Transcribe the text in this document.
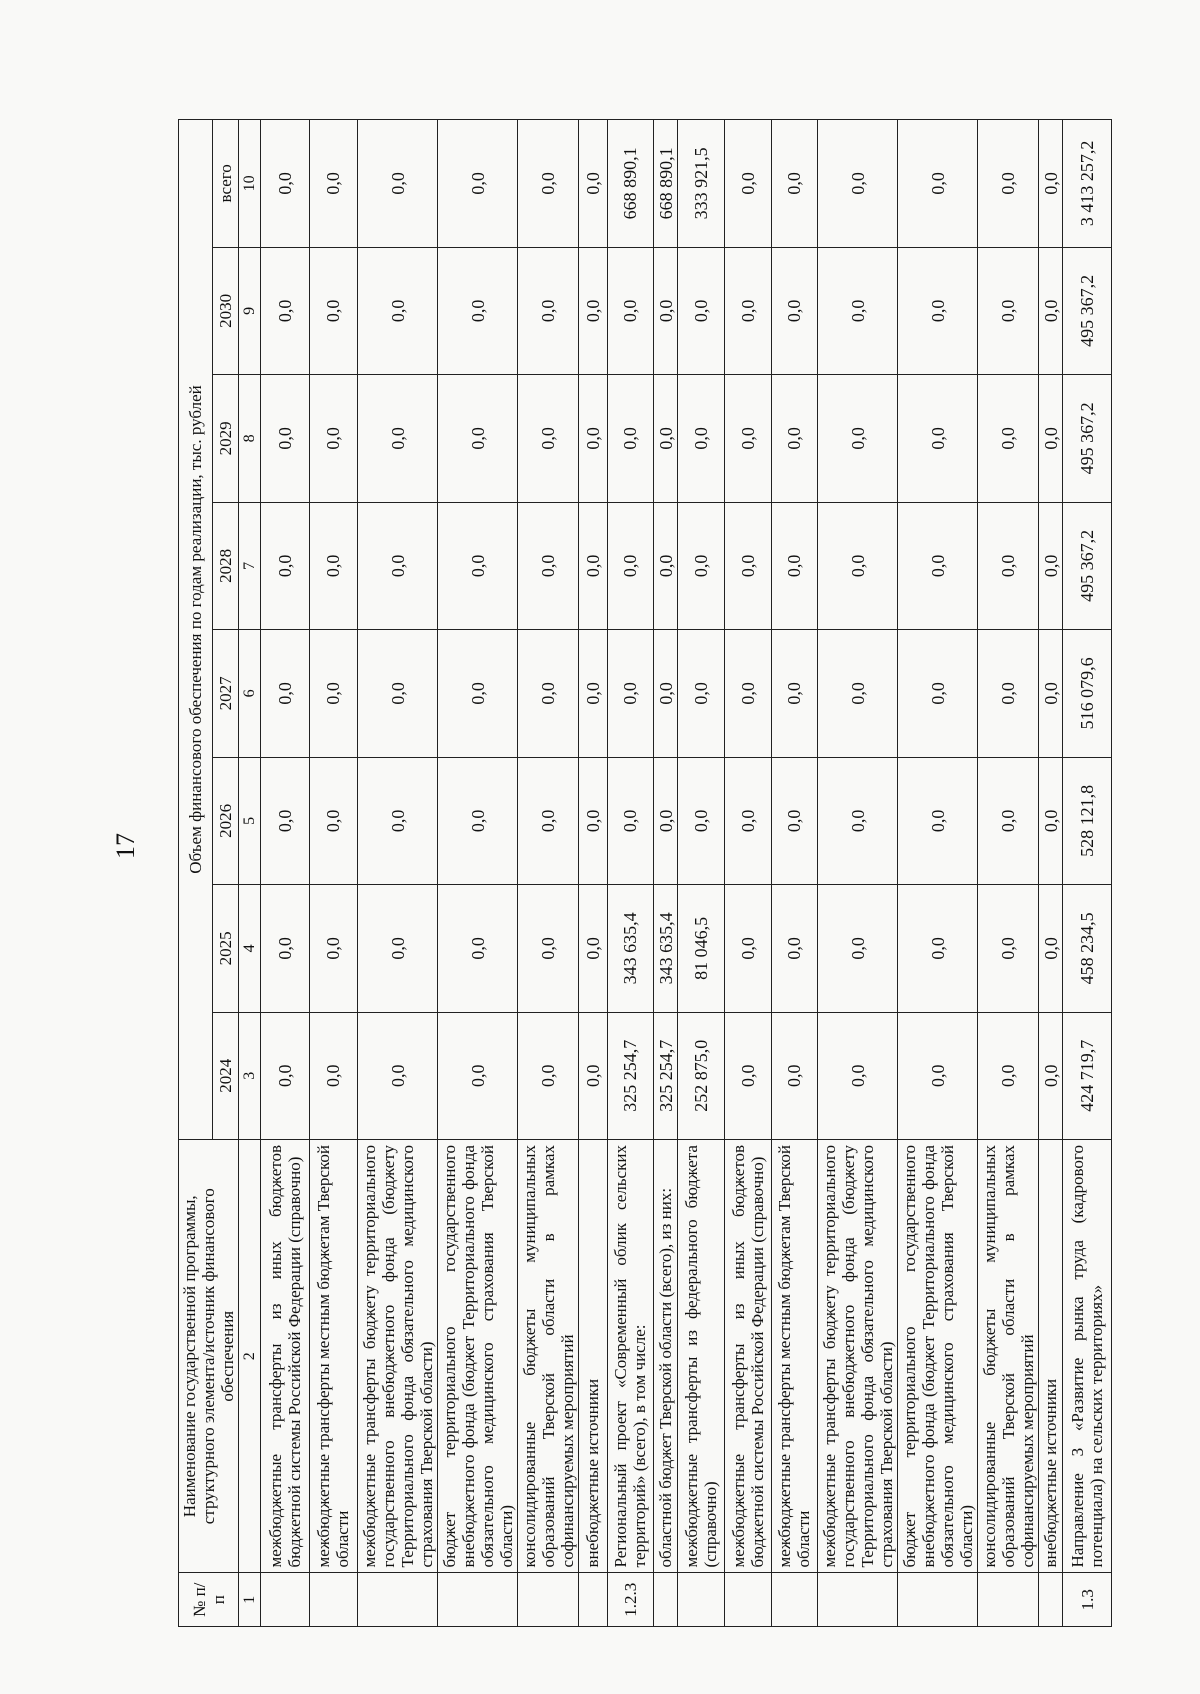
17
№ п/п	Наименование государственной программы, структурного элемента/источник финансового обеспечения	Объем финансового обеспечения по годам реализации, тыс. рублей							
		2024	2025	2026	2027	2028	2029	2030	всего
1	2	3	4	5	6	7	8	9	10
	межбюджетные трансферты из иных бюджетов бюджетной системы Российской Федерации (справочно)	0,0	0,0	0,0	0,0	0,0	0,0	0,0	0,0
	межбюджетные трансферты местным бюджетам Тверской области	0,0	0,0	0,0	0,0	0,0	0,0	0,0	0,0
	межбюджетные трансферты бюджету территориального государственного внебюджетного фонда (бюджету Территориального фонда обязательного медицинского страхования Тверской области)	0,0	0,0	0,0	0,0	0,0	0,0	0,0	0,0
	бюджет территориального государственного внебюджетного фонда (бюджет Территориального фонда обязательного медицинского страхования Тверской области)	0,0	0,0	0,0	0,0	0,0	0,0	0,0	0,0
	консолидированные бюджеты муниципальных образований Тверской области в рамках софинансируемых мероприятий	0,0	0,0	0,0	0,0	0,0	0,0	0,0	0,0
	внебюджетные источники	0,0	0,0	0,0	0,0	0,0	0,0	0,0	0,0
1.2.3	Региональный проект «Современный облик сельских территорий» (всего), в том числе:	325 254,7	343 635,4	0,0	0,0	0,0	0,0	0,0	668 890,1
	областной бюджет Тверской области (всего), из них:	325 254,7	343 635,4	0,0	0,0	0,0	0,0	0,0	668 890,1
	межбюджетные трансферты из федерального бюджета (справочно)	252 875,0	81 046,5	0,0	0,0	0,0	0,0	0,0	333 921,5
	межбюджетные трансферты из иных бюджетов бюджетной системы Российской Федерации (справочно)	0,0	0,0	0,0	0,0	0,0	0,0	0,0	0,0
	межбюджетные трансферты местным бюджетам Тверской области	0,0	0,0	0,0	0,0	0,0	0,0	0,0	0,0
	межбюджетные трансферты бюджету территориального государственного внебюджетного фонда (бюджету Территориального фонда обязательного медицинского страхования Тверской области)	0,0	0,0	0,0	0,0	0,0	0,0	0,0	0,0
	бюджет территориального государственного внебюджетного фонда (бюджет Территориального фонда обязательного медицинского страхования Тверской области)	0,0	0,0	0,0	0,0	0,0	0,0	0,0	0,0
	консолидированные бюджеты муниципальных образований Тверской области в рамках софинансируемых мероприятий	0,0	0,0	0,0	0,0	0,0	0,0	0,0	0,0
	внебюджетные источники	0,0	0,0	0,0	0,0	0,0	0,0	0,0	0,0
1.3	Направление 3 «Развитие рынка труда (кадрового потенциала) на сельских территориях»	424 719,7	458 234,5	528 121,8	516 079,6	495 367,2	495 367,2	495 367,2	3 413 257,2
